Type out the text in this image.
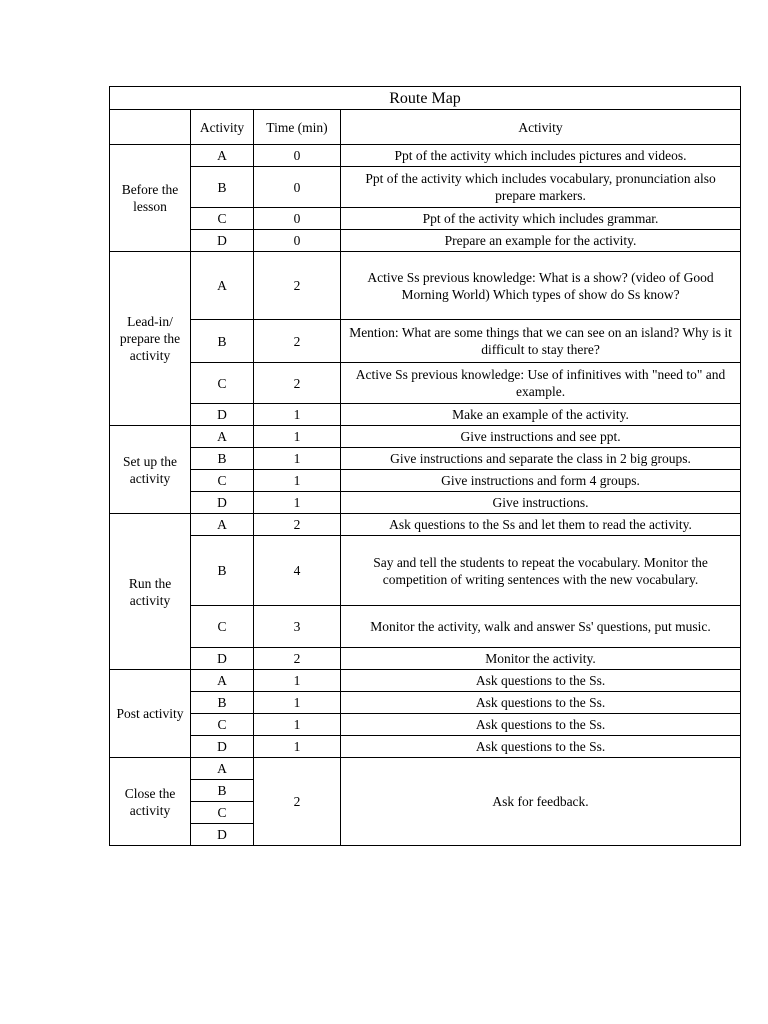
Route Map			
	Activity	Time (min)	Activity
Before the lesson	A	0	Ppt of the activity which includes pictures and videos.
	B	0	Ppt of the activity which includes vocabulary, pronunciation also prepare markers.
	C	0	Ppt of the activity which includes grammar.
	D	0	Prepare an example for the activity.
Lead-in/ prepare the activity	A	2	Active Ss previous knowledge: What is a show? (video of Good Morning World) Which types of show do Ss know?
	B	2	Mention: What are some things that we can see on an island? Why is it difficult to stay there?
	C	2	Active Ss previous knowledge: Use of infinitives with "need to" and example.
	D	1	Make an example of the activity.
Set up the activity	A	1	Give instructions and see ppt.
	B	1	Give instructions and separate the class in 2 big groups.
	C	1	Give instructions and form 4 groups.
	D	1	Give instructions.
Run the activity	A	2	Ask questions to the Ss and let them to read the activity.
	B	4	Say and tell the students to repeat the vocabulary. Monitor the competition of writing sentences with the new vocabulary.
	C	3	Monitor the activity, walk and answer Ss' questions, put music.
	D	2	Monitor the activity.
Post activity	A	1	Ask questions to the Ss.
	B	1	Ask questions to the Ss.
	C	1	Ask questions to the Ss.
	D	1	Ask questions to the Ss.
Close the activity	A	2	Ask for feedback.
	B		
	C		
	D		
